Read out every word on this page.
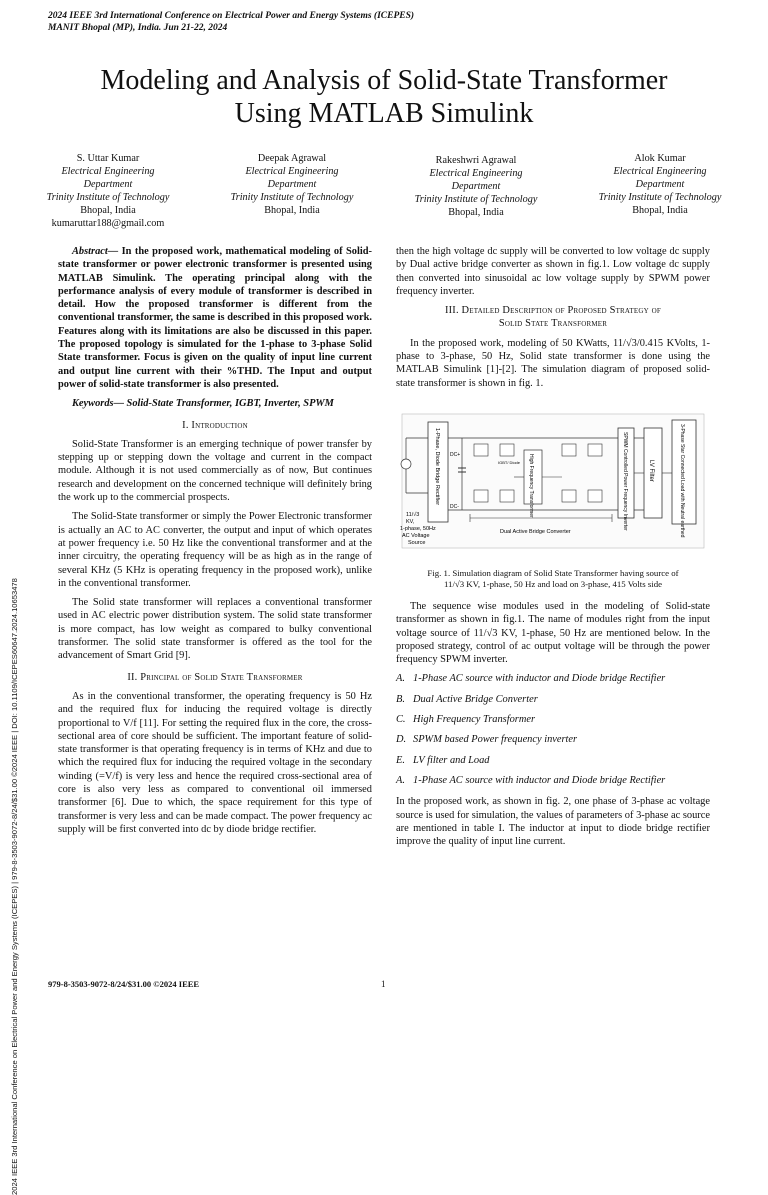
2024 IEEE 3rd International Conference on Electrical Power and Energy Systems (ICEPES)
MANIT Bhopal (MP), India. Jun 21-22, 2024
2024 IEEE 3rd International Conference on Electrical Power and Energy Systems (ICEPES) | 979-8-3503-9072-8/24/$31.00 ©2024 IEEE | DOI: 10.1109/ICEPES60647.2024.10653478
Modeling and Analysis of Solid-State Transformer
Using MATLAB Simulink
S. Uttar Kumar
Electrical Engineering
Department
Trinity Institute of Technology
Bhopal, India
kumaruttar188@gmail.com
Deepak Agrawal
Electrical Engineering
Department
Trinity Institute of Technology
Bhopal, India
Rakeshwri Agrawal
Electrical Engineering
Department
Trinity Institute of Technology
Bhopal, India
Alok Kumar
Electrical Engineering
Department
Trinity Institute of Technology
Bhopal, India

Abstract— In the proposed work, mathematical modeling of Solid-state transformer or power electronic transformer is presented using MATLAB Simulink. The operating principal along with the performance analysis of every module of transformer is described in detail. How the proposed transformer is different from the conventional transformer, the same is described in this proposed work. Features along with its limitations are also be discussed in this paper. The proposed topology is simulated for the 1-phase to 3-phase Solid State transformer. Focus is given on the quality of input line current and output line current with their %THD. The Input and output power of solid-state transformer is also presented.

Keywords— Solid-State Transformer, IGBT, Inverter, SPWM

I. Introduction

Solid-State Transformer is an emerging technique of power transfer by stepping up or stepping down the voltage and current in the compact module. Although it is not used commercially as of now, But continues research and development on the concerned technique will definitely bring the work up to the commercial prospects.

The Solid-State transformer or simply the Power Electronic transformer is actually an AC to AC converter, the output and input of which operates at power frequency i.e. 50 Hz like the conventional transformer and at the inner circuitry, the operating frequency will be as high as in the range of several KHz (5 KHz is operating frequency in the proposed work), unlike in the conventional transformer.

The Solid state transformer will replaces a conventional transformer used in AC electric power distribution system. The solid state transformer is more compact, has low weight as compared to bulky conventional transformer. The solid state transformer is offered as the tool for the advancement of Smart Grid [9].

II. Principal of Solid State Transformer

As in the conventional transformer, the operating frequency is 50 Hz and the required flux for inducing the required voltage is directly proportional to V/f [11]. For setting the required flux in the core, the cross-sectional area of core should be sufficient. The important feature of solid-state transformer is that operating frequency is in terms of KHz and due to which the required flux for inducing the required voltage in the secondary winding (=V/f) is very less and hence the required cross-sectional area of core is also very less as compared to conventional oil immersed transformer [6]. Due to which, the space requirement for this type of transformer is very less and can be made compact. The power frequency ac supply will be first converted into dc by diode bridge rectifier.

then the high voltage dc supply will be converted to low voltage dc supply by Dual active bridge converter as shown in fig.1. Low voltage dc supply then converted into sinusoidal ac low voltage supply by SPWM power frequency inverter.

III. Detailed Description of Proposed Strategy of
Solid State Transformer

In the proposed work, modeling of 50 KWatts, 11/√3/0.415 KVolts, 1-phase to 3-phase, 50 Hz, Solid state transformer is done using the MATLAB Simulink [1]-[2]. The simulation diagram of proposed solid-state transformer is shown in fig. 1.

1-Phase, Diode Bridge Rectifier DC+
DC-
IGBT/ Diode High Frequency Transformer
Dual Active Bridge Converter
SPWM Controlled Power Frequency Inverter	LV Filter	3-Phase Star Connected Load with Neutral earthed
11/√3
KV,
1-phase, 50Hz
AC Voltage
Source
Fig. 1. Simulation diagram of Solid State Transformer having source of
11/√3 KV, 1-phase, 50 Hz and load on 3-phase, 415 Volts side

The sequence wise modules used in the modeling of Solid-state transformer as shown in fig.1. The name of modules right from the input voltage source of 11/√3 KV, 1-phase, 50 Hz are mentioned below. In the proposed strategy, control of ac output voltage will be through the power frequency SPWM inverter.

A. 1-Phase AC source with inductor and Diode bridge Rectifier
B. Dual Active Bridge Converter
C. High Frequency Transformer
D. SPWM based Power frequency inverter
E. LV filter and Load
A. 1-Phase AC source with inductor and Diode bridge Rectifier

In the proposed work, as shown in fig. 2, one phase of 3-phase ac voltage source is used for simulation, the values of parameters of 3-phase ac source are mentioned in table I. The inductor at input to diode bridge rectifier improve the quality of input line current.

979-8-3503-9072-8/24/$31.00 ©2024 IEEE	1
